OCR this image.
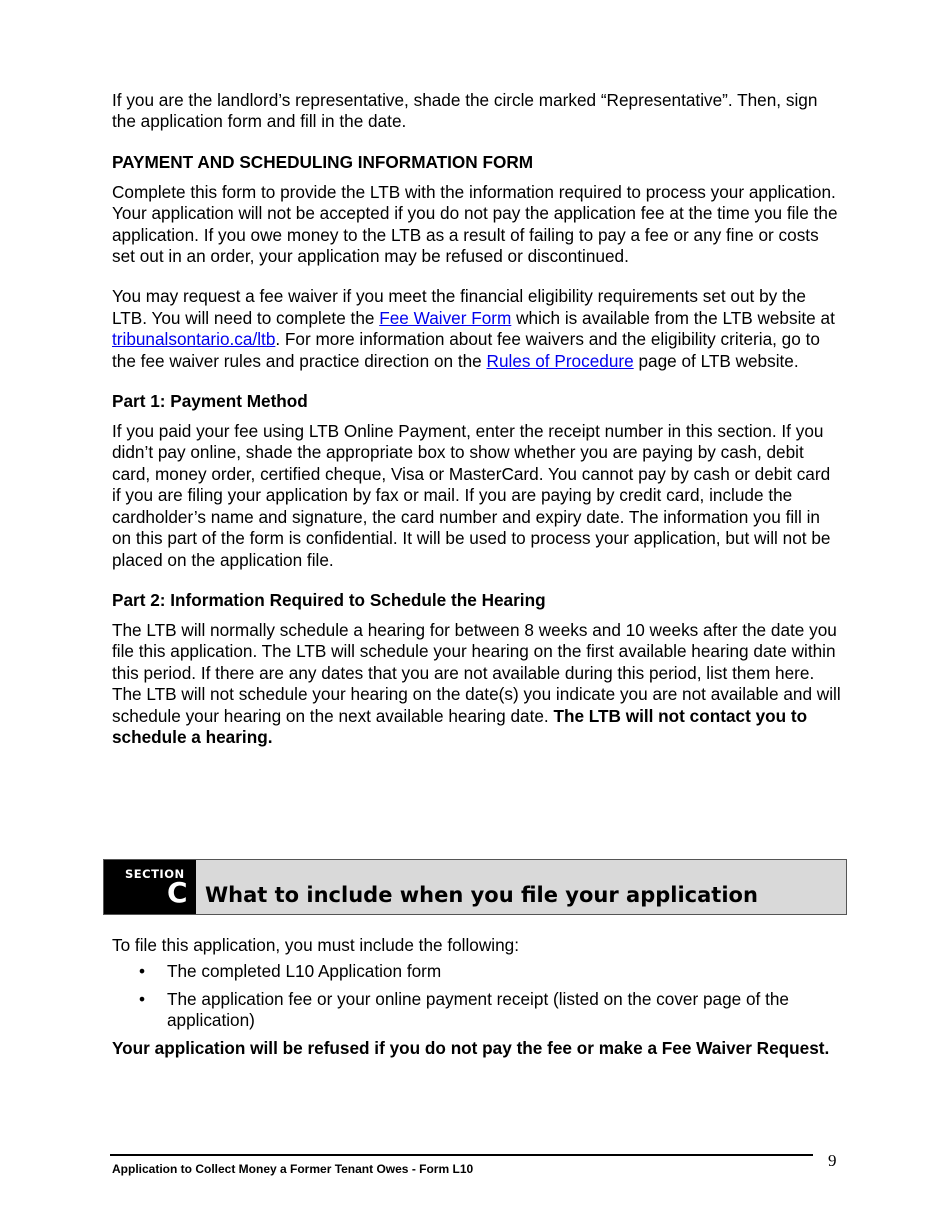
If you are the landlord’s representative, shade the circle marked “Representative”. Then, sign the application form and fill in the date.

PAYMENT AND SCHEDULING INFORMATION FORM

Complete this form to provide the LTB with the information required to process your application. Your application will not be accepted if you do not pay the application fee at the time you file the application. If you owe money to the LTB as a result of failing to pay a fee or any fine or costs set out in an order, your application may be refused or discontinued.

You may request a fee waiver if you meet the financial eligibility requirements set out by the LTB. You will need to complete the Fee Waiver Form which is available from the LTB website at tribunalsontario.ca/ltb. For more information about fee waivers and the eligibility criteria, go to the fee waiver rules and practice direction on the Rules of Procedure page of LTB website.

Part 1: Payment Method

If you paid your fee using LTB Online Payment, enter the receipt number in this section. If you didn’t pay online, shade the appropriate box to show whether you are paying by cash, debit card, money order, certified cheque, Visa or MasterCard. You cannot pay by cash or debit card if you are filing your application by fax or mail. If you are paying by credit card, include the cardholder’s name and signature, the card number and expiry date. The information you fill in on this part of the form is confidential. It will be used to process your application, but will not be placed on the application file.

Part 2: Information Required to Schedule the Hearing

The LTB will normally schedule a hearing for between 8 weeks and 10 weeks after the date you file this application. The LTB will schedule your hearing on the first available hearing date within this period. If there are any dates that you are not available during this period, list them here. The LTB will not schedule your hearing on the date(s) you indicate you are not available and will schedule your hearing on the next available hearing date. The LTB will not contact you to schedule a hearing.

SECTION
C What to include when you file your application

To file this application, you must include the following:

• The completed L10 Application form
• The application fee or your online payment receipt (listed on the cover page of the application)

Your application will be refused if you do not pay the fee or make a Fee Waiver Request.

Application to Collect Money a Former Tenant Owes - Form L10	9
